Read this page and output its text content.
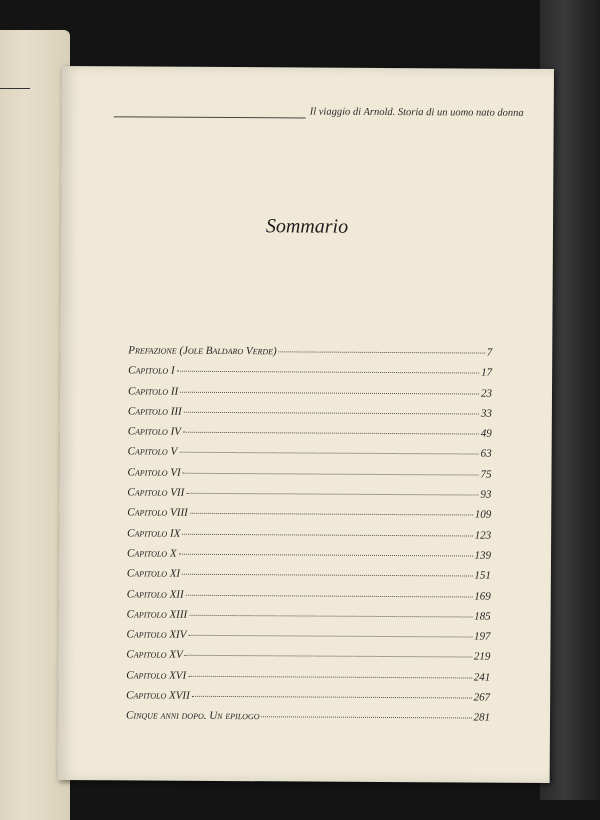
Il viaggio di Arnold. Storia di un uomo nato donna
Sommario
Prefazione (Jole Baldaro Verde)	7
Capitolo I	17
Capitolo II	23
Capitolo III	33
Capitolo IV	49
Capitolo V	63
Capitolo VI	75
Capitolo VII	93
Capitolo VIII	109
Capitolo IX	123
Capitolo X	139
Capitolo XI	151
Capitolo XII	169
Capitolo XIII	185
Capitolo XIV	197
Capitolo XV	219
Capitolo XVI	241
Capitolo XVII	267
Cinque anni dopo. Un epilogo	281
